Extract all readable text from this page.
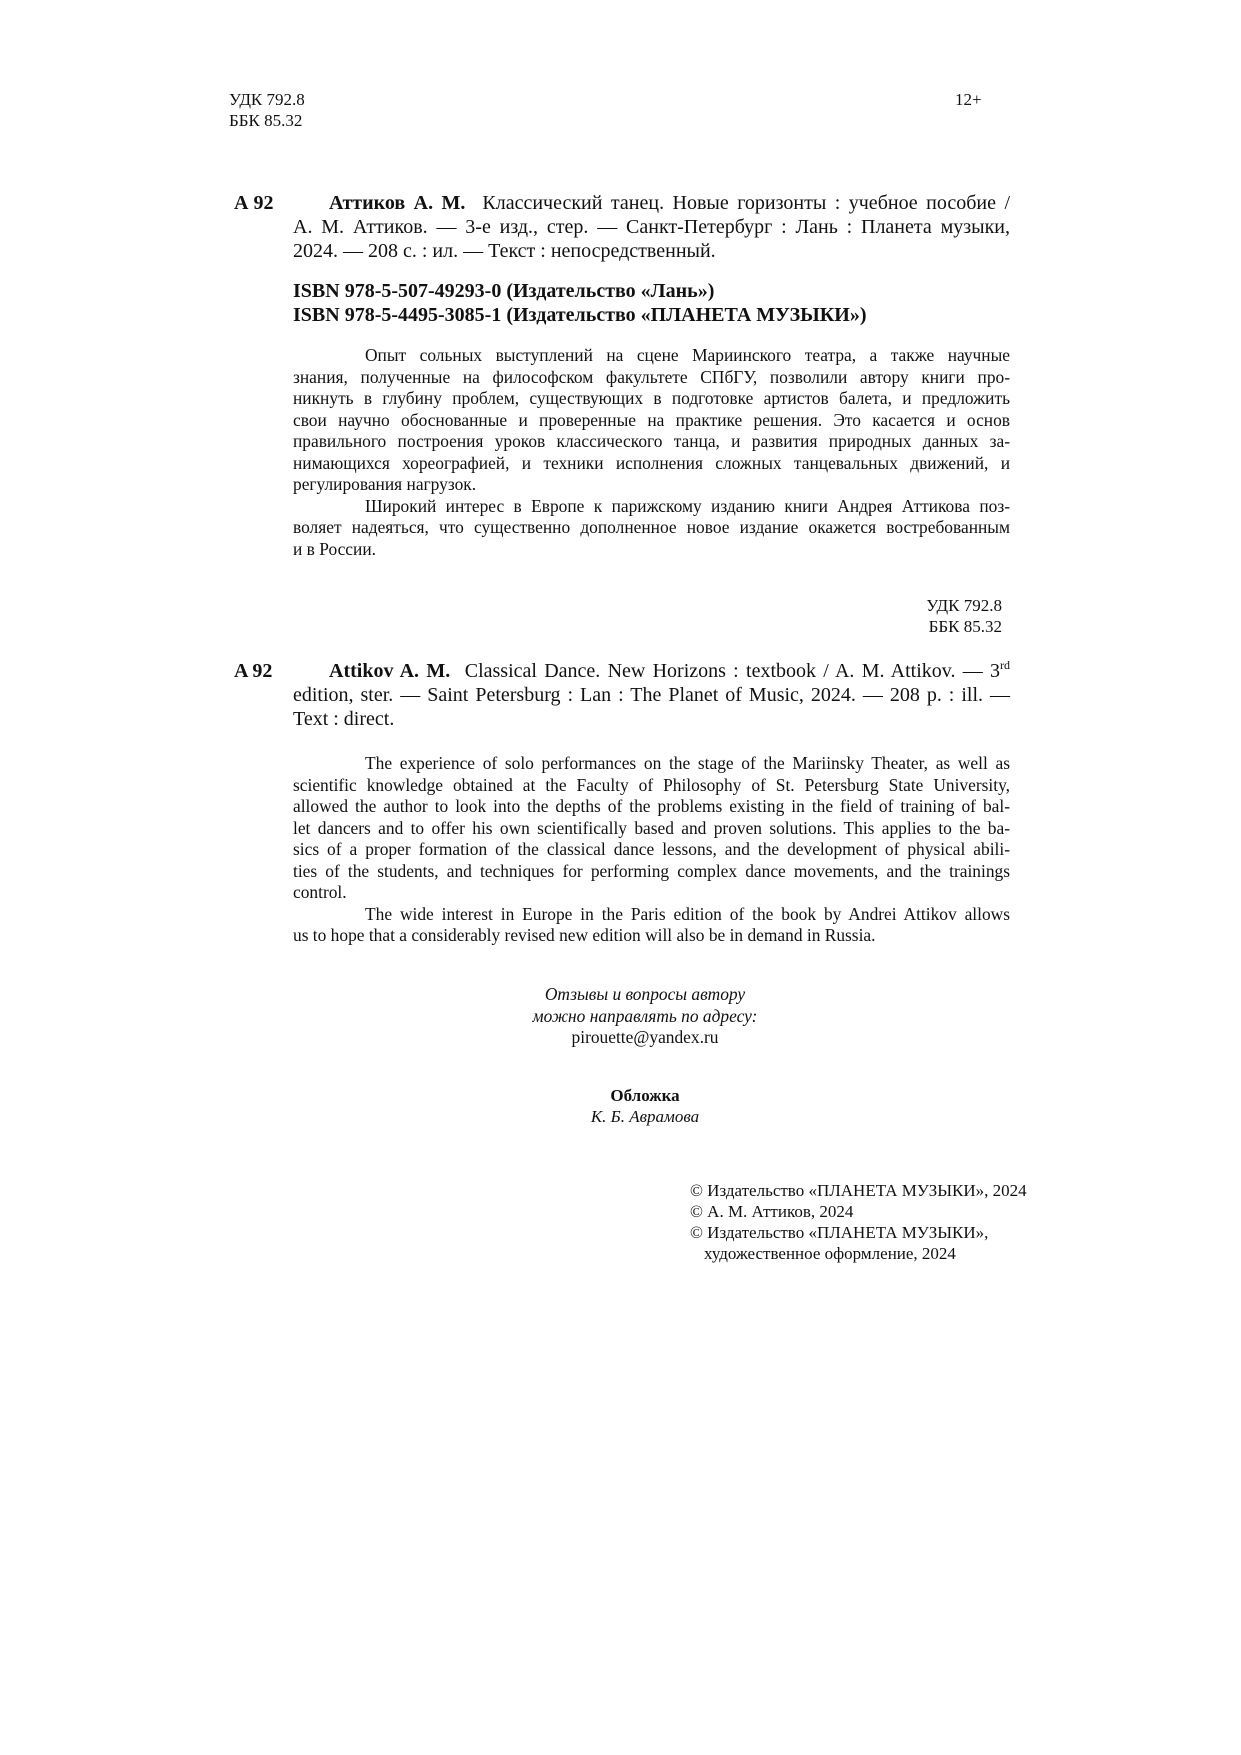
УДК 792.8
ББК 85.32
12+
А 92	Аттиков А. М. Классический танец. Новые горизонты : учебное пособие /
А. М. Аттиков. — 3-е изд., стер. — Санкт-Петербург : Лань : Планета музыки,
2024. — 208 с. : ил. — Текст : непосредственный.
ISBN 978-5-507-49293-0 (Издательство «Лань»)
ISBN 978-5-4495-3085-1 (Издательство «ПЛАНЕТА МУЗЫКИ»)
Опыт сольных выступлений на сцене Мариинского театра, а также научные
знания, полученные на философском факультете СПбГУ, позволили автору книги про-
никнуть в глубину проблем, существующих в подготовке артистов балета, и предложить
свои научно обоснованные и проверенные на практике решения. Это касается и основ
правильного построения уроков классического танца, и развития природных данных за-
нимающихся хореографией, и техники исполнения сложных танцевальных движений, и
регулирования нагрузок.
Широкий интерес в Европе к парижскому изданию книги Андрея Аттикова поз-
воляет надеяться, что существенно дополненное новое издание окажется востребованным
и в России.
УДК 792.8
ББК 85.32
A 92	Attikov A. M. Classical Dance. New Horizons : textbook / A. M. Attikov. — 3rd
edition, ster. — Saint Petersburg : Lan : The Planet of Music, 2024. — 208 p. : ill. —
Text : direct.
The experience of solo performances on the stage of the Mariinsky Theater, as well as
scientific knowledge obtained at the Faculty of Philosophy of St. Petersburg State University,
allowed the author to look into the depths of the problems existing in the field of training of bal-
let dancers and to offer his own scientifically based and proven solutions. This applies to the ba-
sics of a proper formation of the classical dance lessons, and the development of physical abili-
ties of the students, and techniques for performing complex dance movements, and the trainings
control.
The wide interest in Europe in the Paris edition of the book by Andrei Attikov allows
us to hope that a considerably revised new edition will also be in demand in Russia.
Отзывы и вопросы автору
можно направлять по адресу:
pirouette@yandex.ru
Обложка
К. Б. Аврамова
© Издательство «ПЛАНЕТА МУЗЫКИ», 2024
© А. М. Аттиков, 2024
© Издательство «ПЛАНЕТА МУЗЫКИ»,
художественное оформление, 2024
